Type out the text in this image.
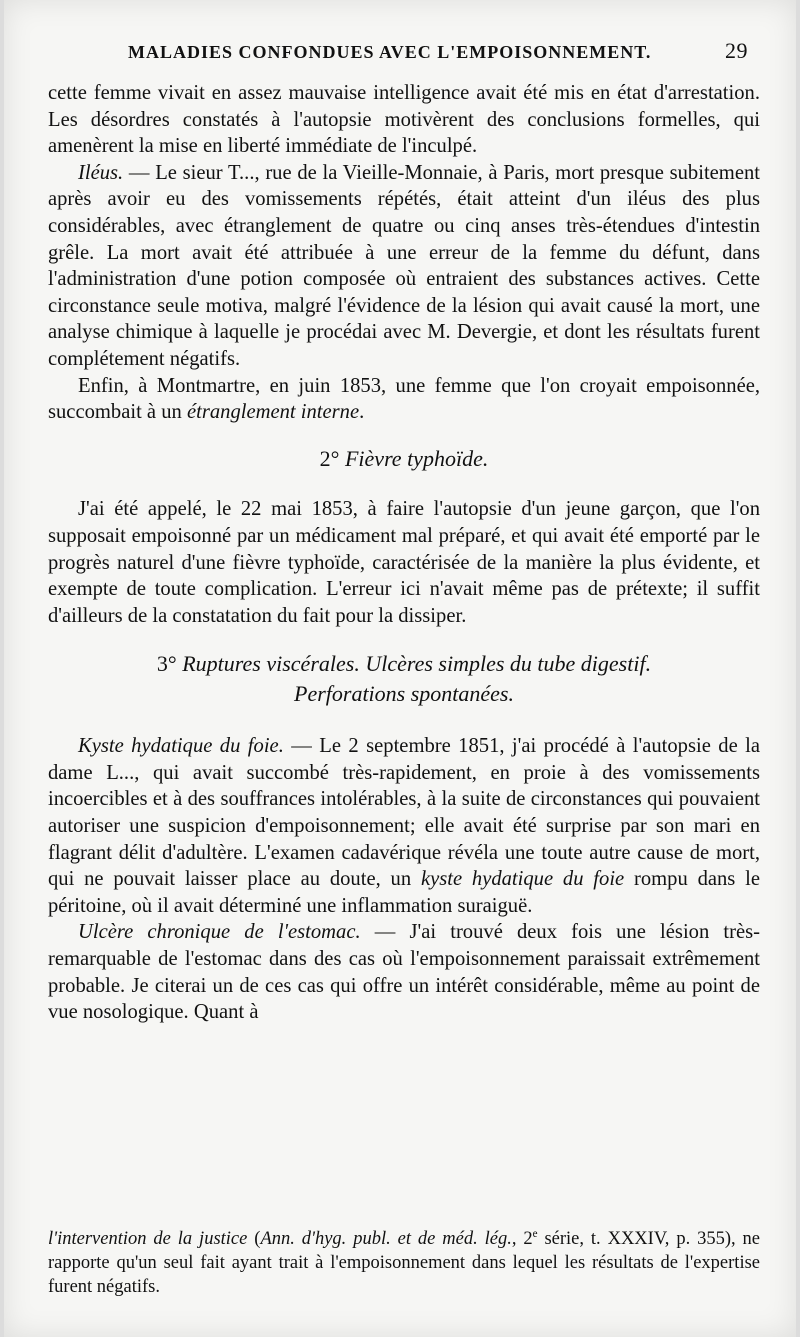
MALADIES CONFONDUES AVEC L'EMPOISONNEMENT.	29

cette femme vivait en assez mauvaise intelligence avait été mis en état d'arrestation. Les désordres constatés à l'autopsie motivèrent des conclusions formelles, qui amenèrent la mise en liberté immédiate de l'inculpé.

Iléus. — Le sieur T..., rue de la Vieille-Monnaie, à Paris, mort presque subitement après avoir eu des vomissements répétés, était atteint d'un iléus des plus considérables, avec étranglement de quatre ou cinq anses très-étendues d'intestin grêle. La mort avait été attribuée à une erreur de la femme du défunt, dans l'administration d'une potion composée où entraient des substances actives. Cette circonstance seule motiva, malgré l'évidence de la lésion qui avait causé la mort, une analyse chimique à laquelle je procédai avec M. Devergie, et dont les résultats furent complétement négatifs.

Enfin, à Montmartre, en juin 1853, une femme que l'on croyait empoisonnée, succombait à un étranglement interne.

2° Fièvre typhoïde.

J'ai été appelé, le 22 mai 1853, à faire l'autopsie d'un jeune garçon, que l'on supposait empoisonné par un médicament mal préparé, et qui avait été emporté par le progrès naturel d'une fièvre typhoïde, caractérisée de la manière la plus évidente, et exempte de toute complication. L'erreur ici n'avait même pas de prétexte; il suffit d'ailleurs de la constatation du fait pour la dissiper.

3° Ruptures viscérales. Ulcères simples du tube digestif.
Perforations spontanées.

Kyste hydatique du foie. — Le 2 septembre 1851, j'ai procédé à l'autopsie de la dame L..., qui avait succombé très-rapidement, en proie à des vomissements incoercibles et à des souffrances intolérables, à la suite de circonstances qui pouvaient autoriser une suspicion d'empoisonnement; elle avait été surprise par son mari en flagrant délit d'adultère. L'examen cadavérique révéla une toute autre cause de mort, qui ne pouvait laisser place au doute, un kyste hydatique du foie rompu dans le péritoine, où il avait déterminé une inflammation suraiguë.

Ulcère chronique de l'estomac. — J'ai trouvé deux fois une lésion très-remarquable de l'estomac dans des cas où l'empoisonnement paraissait extrêmement probable. Je citerai un de ces cas qui offre un intérêt considérable, même au point de vue nosologique. Quant à

l'intervention de la justice (Ann. d'hyg. publ. et de méd. lég., 2e série, t. XXXIV, p. 355), ne rapporte qu'un seul fait ayant trait à l'empoisonnement dans lequel les résultats de l'expertise furent négatifs.
